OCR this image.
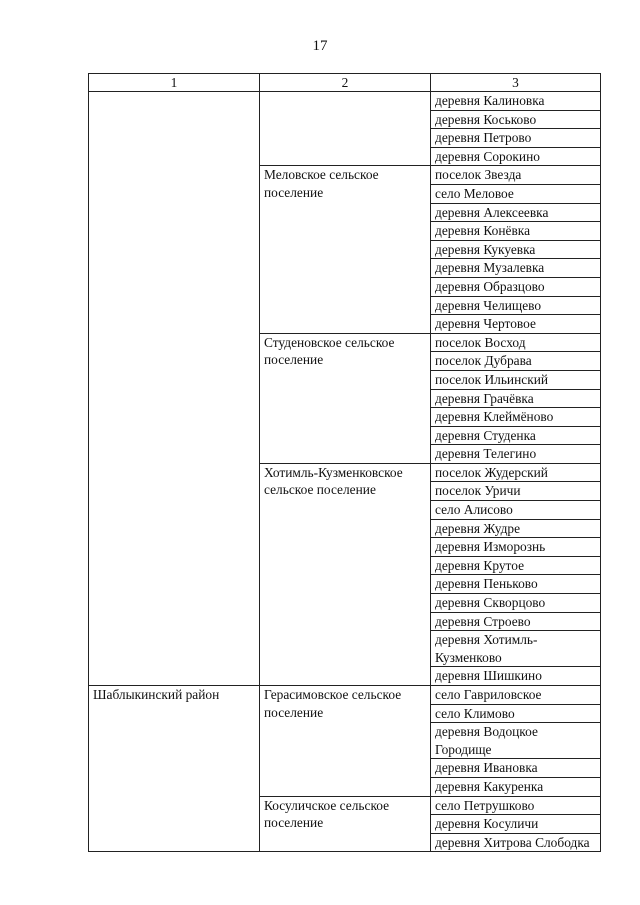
17
1	2	3
		деревня Калиновка
		деревня Коськово
		деревня Петрово
		деревня Сорокино
	Меловское сельское поселение	поселок Звезда
		село Меловое
		деревня Алексеевка
		деревня Конёвка
		деревня Кукуевка
		деревня Музалевка
		деревня Образцово
		деревня Челищево
		деревня Чертовое
	Студеновское сельское поселение	поселок Восход
		поселок Дубрава
		поселок Ильинский
		деревня Грачёвка
		деревня Клеймёново
		деревня Студенка
		деревня Телегино
	Хотимль-Кузменковское сельское поселение	поселок Жудерский
		поселок Уричи
		село Алисово
		деревня Жудре
		деревня Изморознь
		деревня Крутое
		деревня Пеньково
		деревня Скворцово
		деревня Строево
		деревня Хотимль-Кузменково
		деревня Шишкино
Шаблыкинский район	Герасимовское сельское поселение	село Гавриловское
		село Климово
		деревня Водоцкое Городище
		деревня Ивановка
		деревня Какуренка
	Косуличское сельское поселение	село Петрушково
		деревня Косуличи
		деревня Хитрова Слободка
